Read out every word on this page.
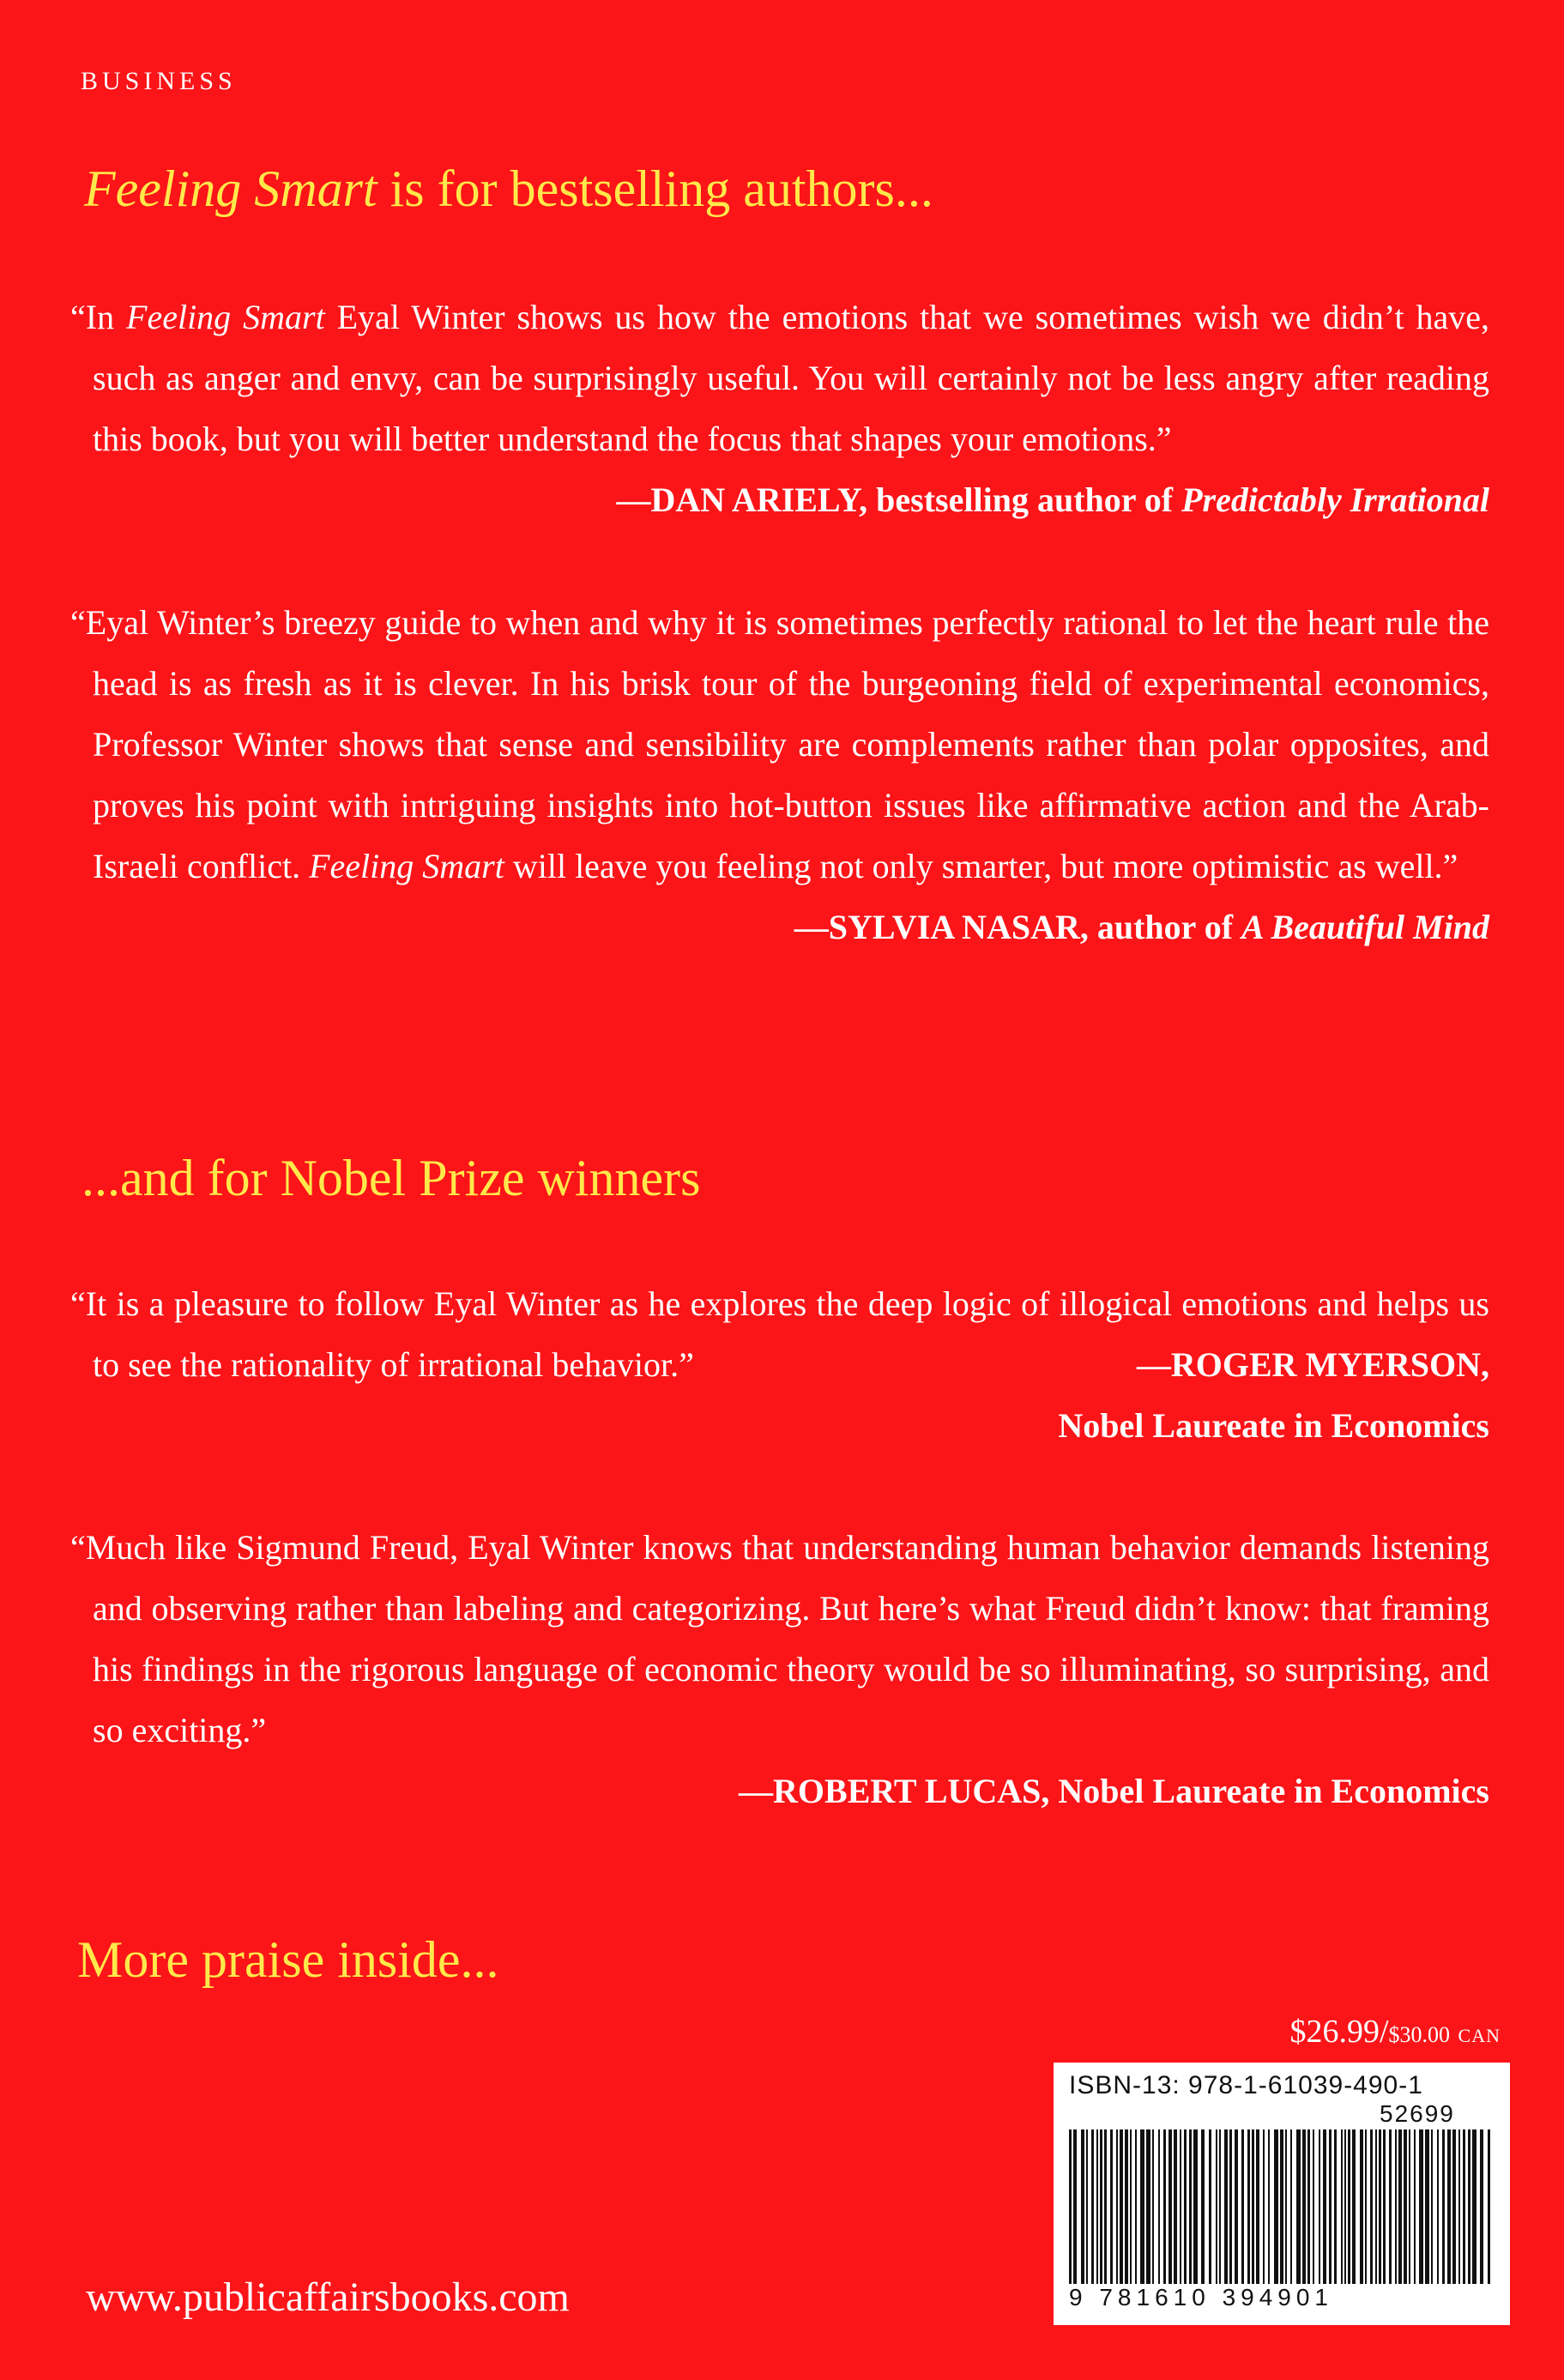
BUSINESS
Feeling Smart is for bestselling authors...
“In Feeling Smart Eyal Winter shows us how the emotions that we sometimes wish we didn’t have, such as anger and envy, can be surprisingly useful. You will certainly not be less angry after reading this book, but you will better understand the focus that shapes your emotions.”
—DAN ARIELY, bestselling author of Predictably Irrational
“Eyal Winter’s breezy guide to when and why it is sometimes perfectly rational to let the heart rule the head is as fresh as it is clever. In his brisk tour of the burgeoning field of experimental economics, Professor Winter shows that sense and sensibility are complements rather than polar opposites, and proves his point with intriguing insights into hot-button issues like affirmative action and the Arab-Israeli conflict. Feeling Smart will leave you feeling not only smarter, but more optimistic as well.”
—SYLVIA NASAR, author of A Beautiful Mind
...and for Nobel Prize winners
“It is a pleasure to follow Eyal Winter as he explores the deep logic of illogical emotions and helps us to see the rationality of irrational behavior.”	—ROGER MYERSON,
Nobel Laureate in Economics
“Much like Sigmund Freud, Eyal Winter knows that understanding human behavior demands listening and observing rather than labeling and categorizing. But here’s what Freud didn’t know: that framing his findings in the rigorous language of economic theory would be so illuminating, so surprising, and so exciting.”
—ROBERT LUCAS, Nobel Laureate in Economics
More praise inside...
$26.99/$30.00 CAN
ISBN-13: 978-1-61039-490-1
52699
9 781610 394901
www.publicaffairsbooks.com
